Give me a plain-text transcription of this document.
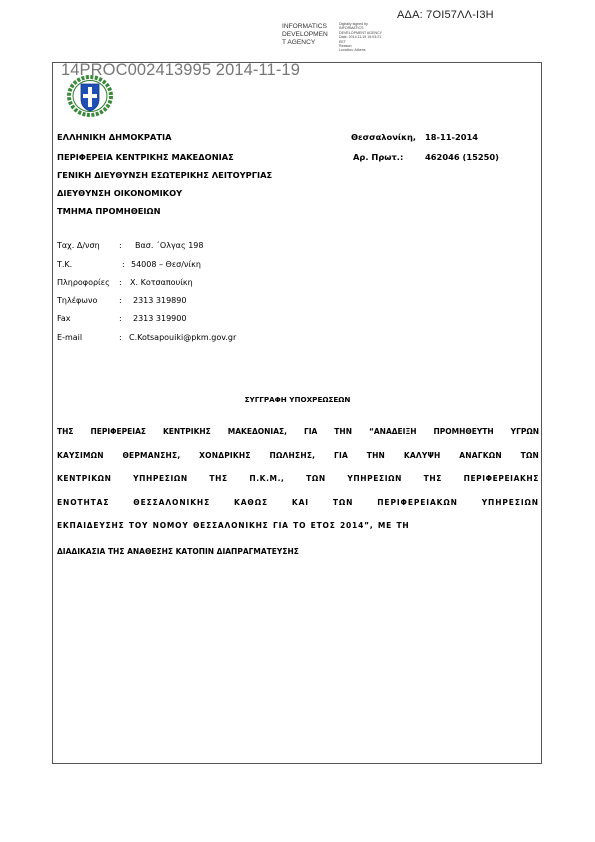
ΑΔΑ: 7ΟΙ57ΛΛ-Ι3Η
INFORMATICS
DEVELOPMEN
T AGENCY
Digitally signed by
INFORMATICS
DEVELOPMENT AGENCY
Date: 2014.11.19 15:03:21
EET
Reason:
Location: Athens
14PROC002413995 2014-11-19
ΕΛΛΗΝΙΚΗ ΔΗΜΟΚΡΑΤΙΑ
ΠΕΡΙΦΕΡΕΙΑ ΚΕΝΤΡΙΚΗΣ ΜΑΚΕΔΟΝΙΑΣ
ΓΕΝΙΚΗ ΔΙΕΥΘΥΝΣΗ ΕΣΩΤΕΡΙΚΗΣ ΛΕΙΤΟΥΡΓΙΑΣ
ΔΙΕΥΘΥΝΣΗ ΟΙΚΟΝΟΜΙΚΟΥ
ΤΜΗΜΑ ΠΡΟΜΗΘΕΙΩΝ
Θεσσαλονίκη, 18-11-2014
Αρ. Πρωτ.:	462046 (15250)
Ταχ. Δ/νση : Βασ. ΄Ολγας 198
Τ.Κ.	: 54008 – Θεσ/νίκη
Πληροφορίες : Χ. Κοτσαπουίκη
Τηλέφωνο	: 2313 319890
Fax	: 2313 319900
E-mail	: C.Kotsapouiki@pkm.gov.gr
ΣΥΓΓΡΑΦΗ ΥΠΟΧΡΕΩΣΕΩΝ
ΤΗΣ ΠΕΡΙΦΕΡΕΙΑΣ ΚΕΝΤΡΙΚΗΣ ΜΑΚΕΔΟΝΙΑΣ, ΓΙΑ ΤΗΝ “ΑΝΑΔΕΙΞΗ ΠΡΟΜΗΘΕΥΤΗ ΥΓΡΩΝ
ΚΑΥΣΙΜΩΝ ΘΕΡΜΑΝΣΗΣ, ΧΟΝΔΡΙΚΗΣ ΠΩΛΗΣΗΣ, ΓΙΑ ΤΗΝ ΚΑΛΥΨΗ ΑΝΑΓΚΩΝ ΤΩΝ
ΚΕΝΤΡΙΚΩΝ ΥΠΗΡΕΣΙΩΝ ΤΗΣ Π.Κ.Μ., ΤΩΝ ΥΠΗΡΕΣΙΩΝ ΤΗΣ ΠΕΡΙΦΕΡΕΙΑΚΗΣ
ΕΝΟΤΗΤΑΣ ΘΕΣΣΑΛΟΝΙΚΗΣ ΚΑΘΩΣ ΚΑΙ ΤΩΝ ΠΕΡΙΦΕΡΕΙΑΚΩΝ ΥΠΗΡΕΣΙΩΝ
ΕΚΠΑΙΔΕΥΣΗΣ ΤΟΥ ΝΟΜΟΥ ΘΕΣΣΑΛΟΝΙΚΗΣ ΓΙΑ ΤΟ ΕΤΟΣ 2014”, ΜΕ ΤΗ
ΔΙΑΔΙΚΑΣΙΑ ΤΗΣ ΑΝΑΘΕΣΗΣ ΚΑΤΟΠΙΝ ΔΙΑΠΡΑΓΜΑΤΕΥΣΗΣ
